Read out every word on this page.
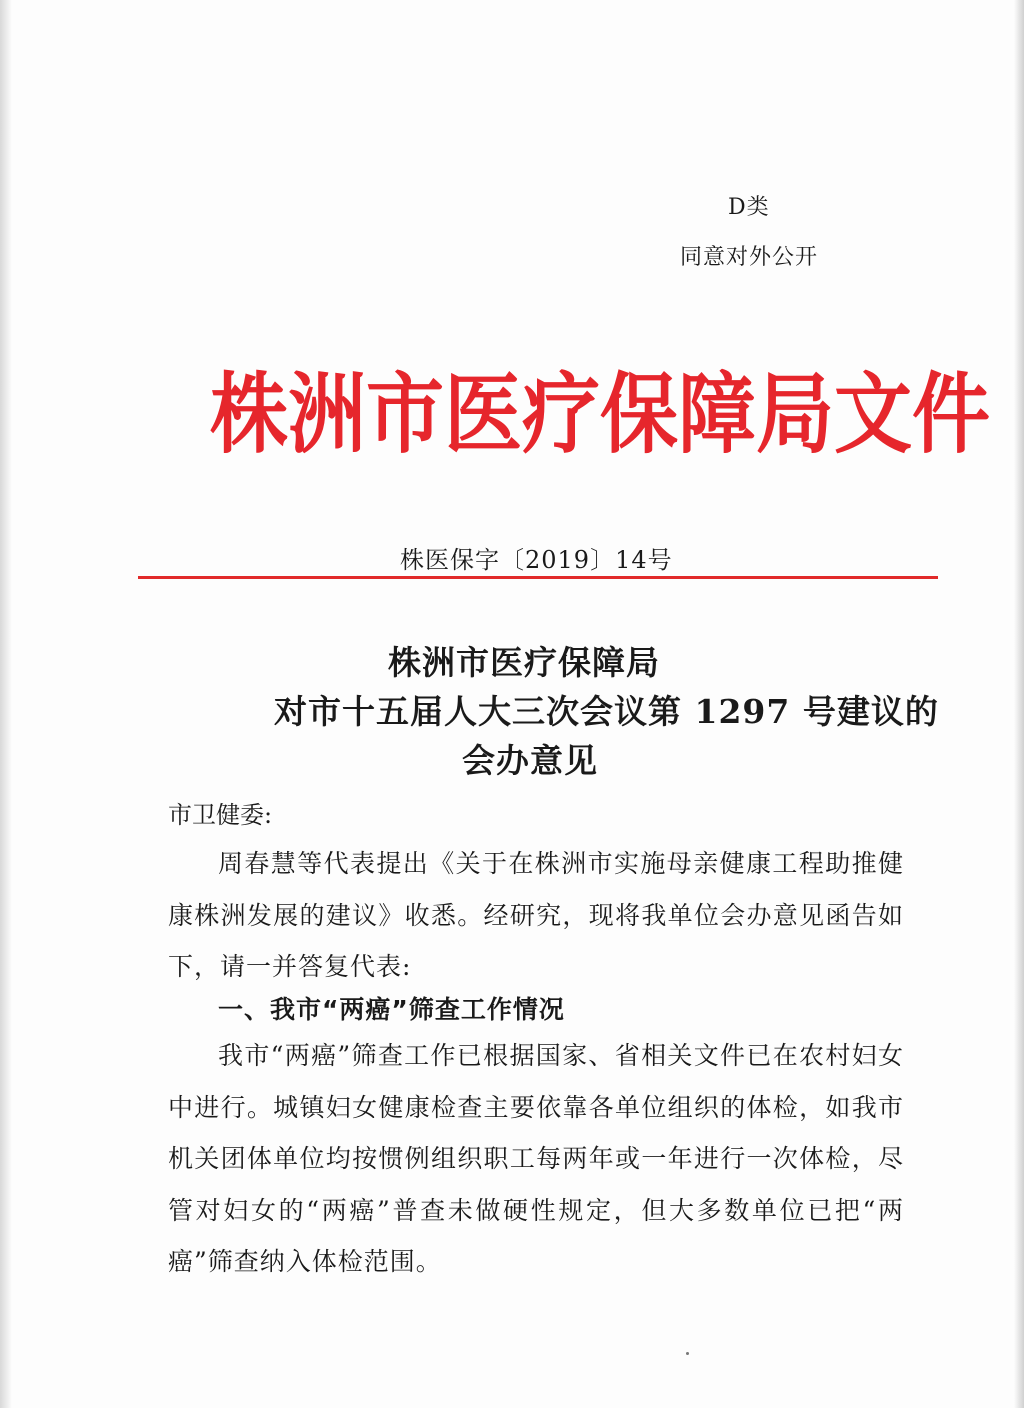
D类
同意对外公开
株洲市医疗保障局文件
株医保字〔2019〕14号
株洲市医疗保障局
对市十五届人大三次会议第 1297 号建议的
会办意见
市卫健委:
周春慧等代表提出《关于在株洲市实施母亲健康工程助推健康株洲发展的建议》收悉。经研究，现将我单位会办意见函告如下，请一并答复代表:
一、我市“两癌”筛查工作情况
我市“两癌”筛查工作已根据国家、省相关文件已在农村妇女中进行。城镇妇女健康检查主要依靠各单位组织的体检，如我市机关团体单位均按惯例组织职工每两年或一年进行一次体检，尽管对妇女的“两癌”普查未做硬性规定，但大多数单位已把“两癌”筛查纳入体检范围。
